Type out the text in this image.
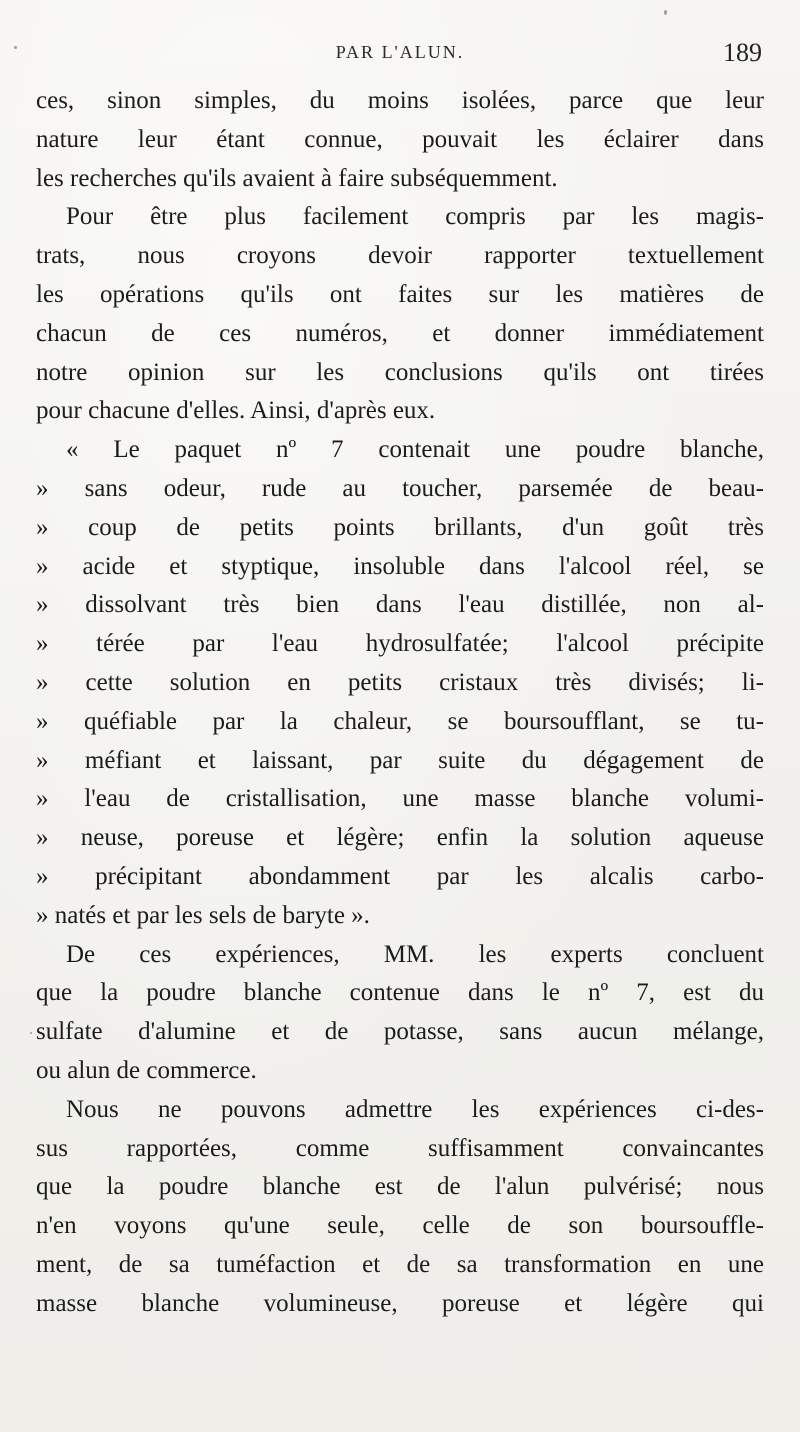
PAR L'ALUN.	189
ces, sinon simples, du moins isolées, parce que leur
nature leur étant connue, pouvait les éclairer dans
les recherches qu'ils avaient à faire subséquemment.
Pour être plus facilement compris par les magis-
trats, nous croyons devoir rapporter textuellement
les opérations qu'ils ont faites sur les matières de
chacun de ces numéros, et donner immédiatement
notre opinion sur les conclusions qu'ils ont tirées
pour chacune d'elles. Ainsi, d'après eux.
« Le paquet nº 7 contenait une poudre blanche,
» sans odeur, rude au toucher, parsemée de beau-
» coup de petits points brillants, d'un goût très
» acide et styptique, insoluble dans l'alcool réel, se
» dissolvant très bien dans l'eau distillée, non al-
» térée par l'eau hydrosulfatée; l'alcool précipite
» cette solution en petits cristaux très divisés; li-
» quéfiable par la chaleur, se boursoufflant, se tu-
» méfiant et laissant, par suite du dégagement de
» l'eau de cristallisation, une masse blanche volumi-
» neuse, poreuse et légère; enfin la solution aqueuse
» précipitant abondamment par les alcalis carbo-
» natés et par les sels de baryte ».
De ces expériences, MM. les experts concluent
que la poudre blanche contenue dans le nº 7, est du
sulfate d'alumine et de potasse, sans aucun mélange,
ou alun de commerce.
Nous ne pouvons admettre les expériences ci-des-
sus rapportées, comme suffisamment convaincantes
que la poudre blanche est de l'alun pulvérisé; nous
n'en voyons qu'une seule, celle de son boursouffle-
ment, de sa tuméfaction et de sa transformation en une
masse blanche volumineuse, poreuse et légère qui
